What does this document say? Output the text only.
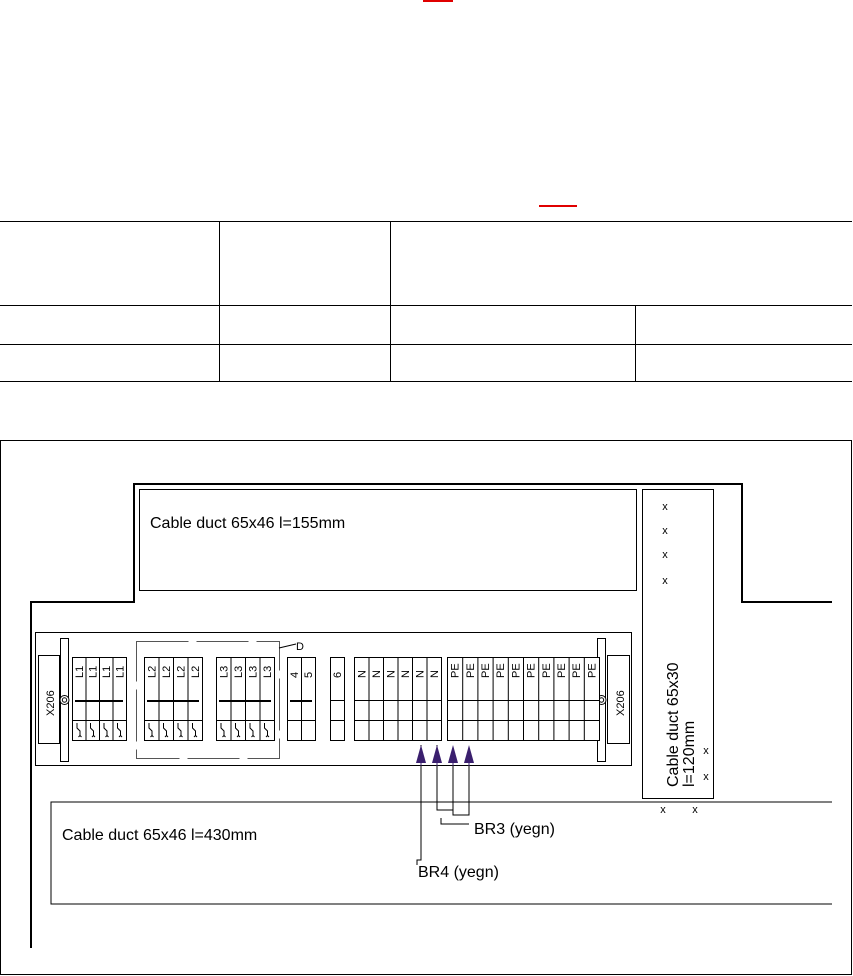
Cable duct 65x46 l=155mm
Cable duct 65x30 l=120mm
Cable duct 65x46 l=430mm
X206	X206
L1 L1 L1 L1 L2 L2 L2 L2 L3 L3 L3 L3 4 5 6 N N N N N N PE PE PE PE PE PE PE PE PE PE
D
x
x
x
x
x
x
x x
BR3 (yegn)
BR4 (yegn)
